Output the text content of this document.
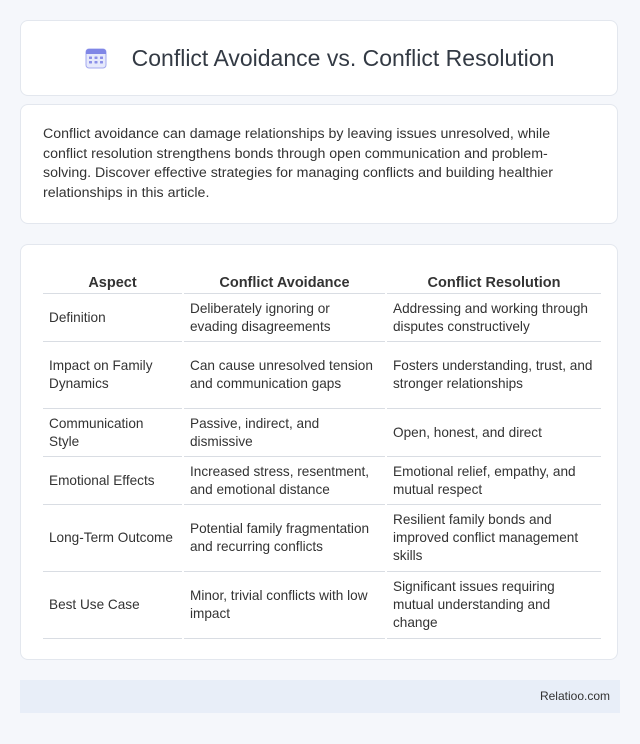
Conflict Avoidance vs. Conflict Resolution

Conflict avoidance can damage relationships by leaving issues unresolved, while conflict resolution strengthens bonds through open communication and problem-solving. Discover effective strategies for managing conflicts and building healthier relationships in this article.

Aspect	Conflict Avoidance	Conflict Resolution
Definition	Deliberately ignoring or evading disagreements	Addressing and working through disputes constructively
Impact on Family Dynamics	Can cause unresolved tension and communication gaps	Fosters understanding, trust, and stronger relationships
Communication Style	Passive, indirect, and dismissive	Open, honest, and direct
Emotional Effects	Increased stress, resentment, and emotional distance	Emotional relief, empathy, and mutual respect
Long-Term Outcome	Potential family fragmentation and recurring conflicts	Resilient family bonds and improved conflict management skills
Best Use Case	Minor, trivial conflicts with low impact	Significant issues requiring mutual understanding and change
Relatioo.com
